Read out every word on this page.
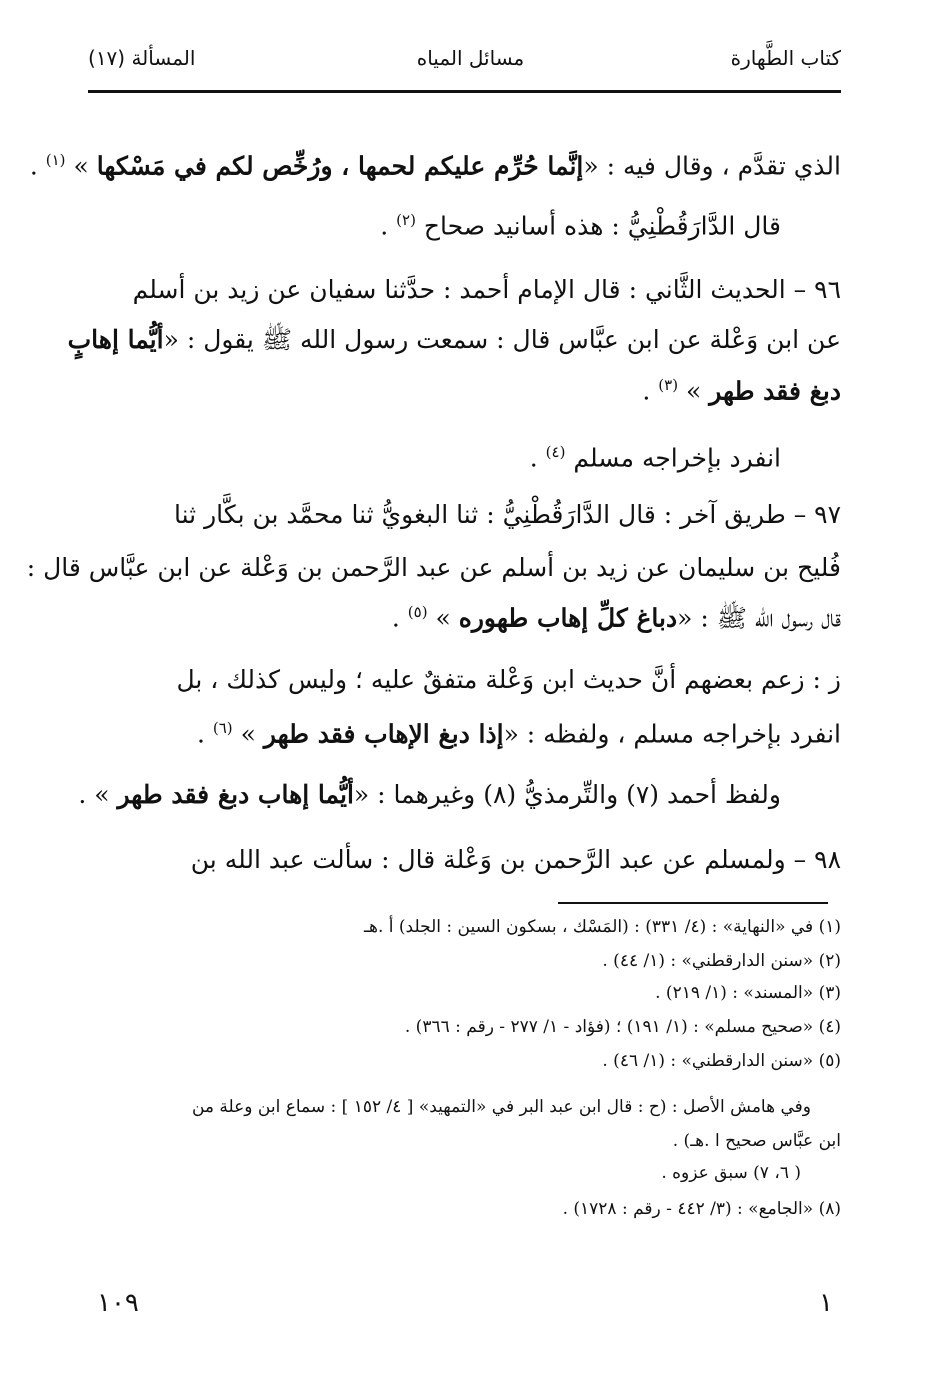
كتاب الطَّهارة
مسائل المياه
المسألة (١٧)
الذي تقدَّم ، وقال فيه : «إنَّما حُرِّم عليكم لحمها ، ورُخِّص لكم في مَسْكها » $^{(١)}$ .
قال الدَّارَقُطْنِيُّ : هذه أسانيد صحاح $^{(٢)}$ .
٩٦ – الحديث الثَّاني : قال الإمام أحمد : حدَّثنا سفيان عن زيد بن أسلم
عن ابن وَعْلة عن ابن عبَّاس قال : سمعت رسول الله ﷺ يقول : «أيُّما إهابٍ
دبغ فقد طهر » $^{(٣)}$ .
انفرد بإخراجه مسلم $^{(٤)}$ .
٩٧ – طريق آخر : قال الدَّارَقُطْنِيُّ : ثنا البغويُّ ثنا محمَّد بن بكَّار ثنا
فُليح بن سليمان عن زيد بن أسلم عن عبد الرَّحمن بن وَعْلة عن ابن عبَّاس قال :
قال رسول الله ﷺ : «دباغ كلِّ إهاب طهوره » $^{(٥)}$ .
ز : زعم بعضهم أنَّ حديث ابن وَعْلة متفقٌ عليه ؛ وليس كذلك ، بل
انفرد بإخراجه مسلم ، ولفظه : «إذا دبغ الإهاب فقد طهر » $^{(٦)}$ .
ولفظ أحمد (٧) والتِّرمذيُّ (٨) وغيرهما : «أيُّما إهاب دبغ فقد طهر » .
٩٨ – ولمسلم عن عبد الرَّحمن بن وَعْلة قال : سألت عبد الله بن
(١) في «النهاية» : (٤/ ٣٣١) : (المَسْك ، بسكون السين : الجلد) أ .هـ
(٢) «سنن الدارقطني» : (١/ ٤٤) .
(٣) «المسند» : (١/ ٢١٩) .
(٤) «صحيح مسلم» : (١/ ١٩١) ؛ (فؤاد - ١/ ٢٧٧ - رقم : ٣٦٦) .
(٥) «سنن الدارقطني» : (١/ ٤٦) .
وفي هامش الأصل : (ح : قال ابن عبد البر في «التمهيد» [ ٤/ ١٥٢ ] : سماع ابن وعلة من
ابن عبَّاس صحيح ا .هـ) .
( ٦، ٧) سبق عزوه .
(٨) «الجامع» : (٣/ ٤٤٢ - رقم : ١٧٢٨) .
١٠٩	١
